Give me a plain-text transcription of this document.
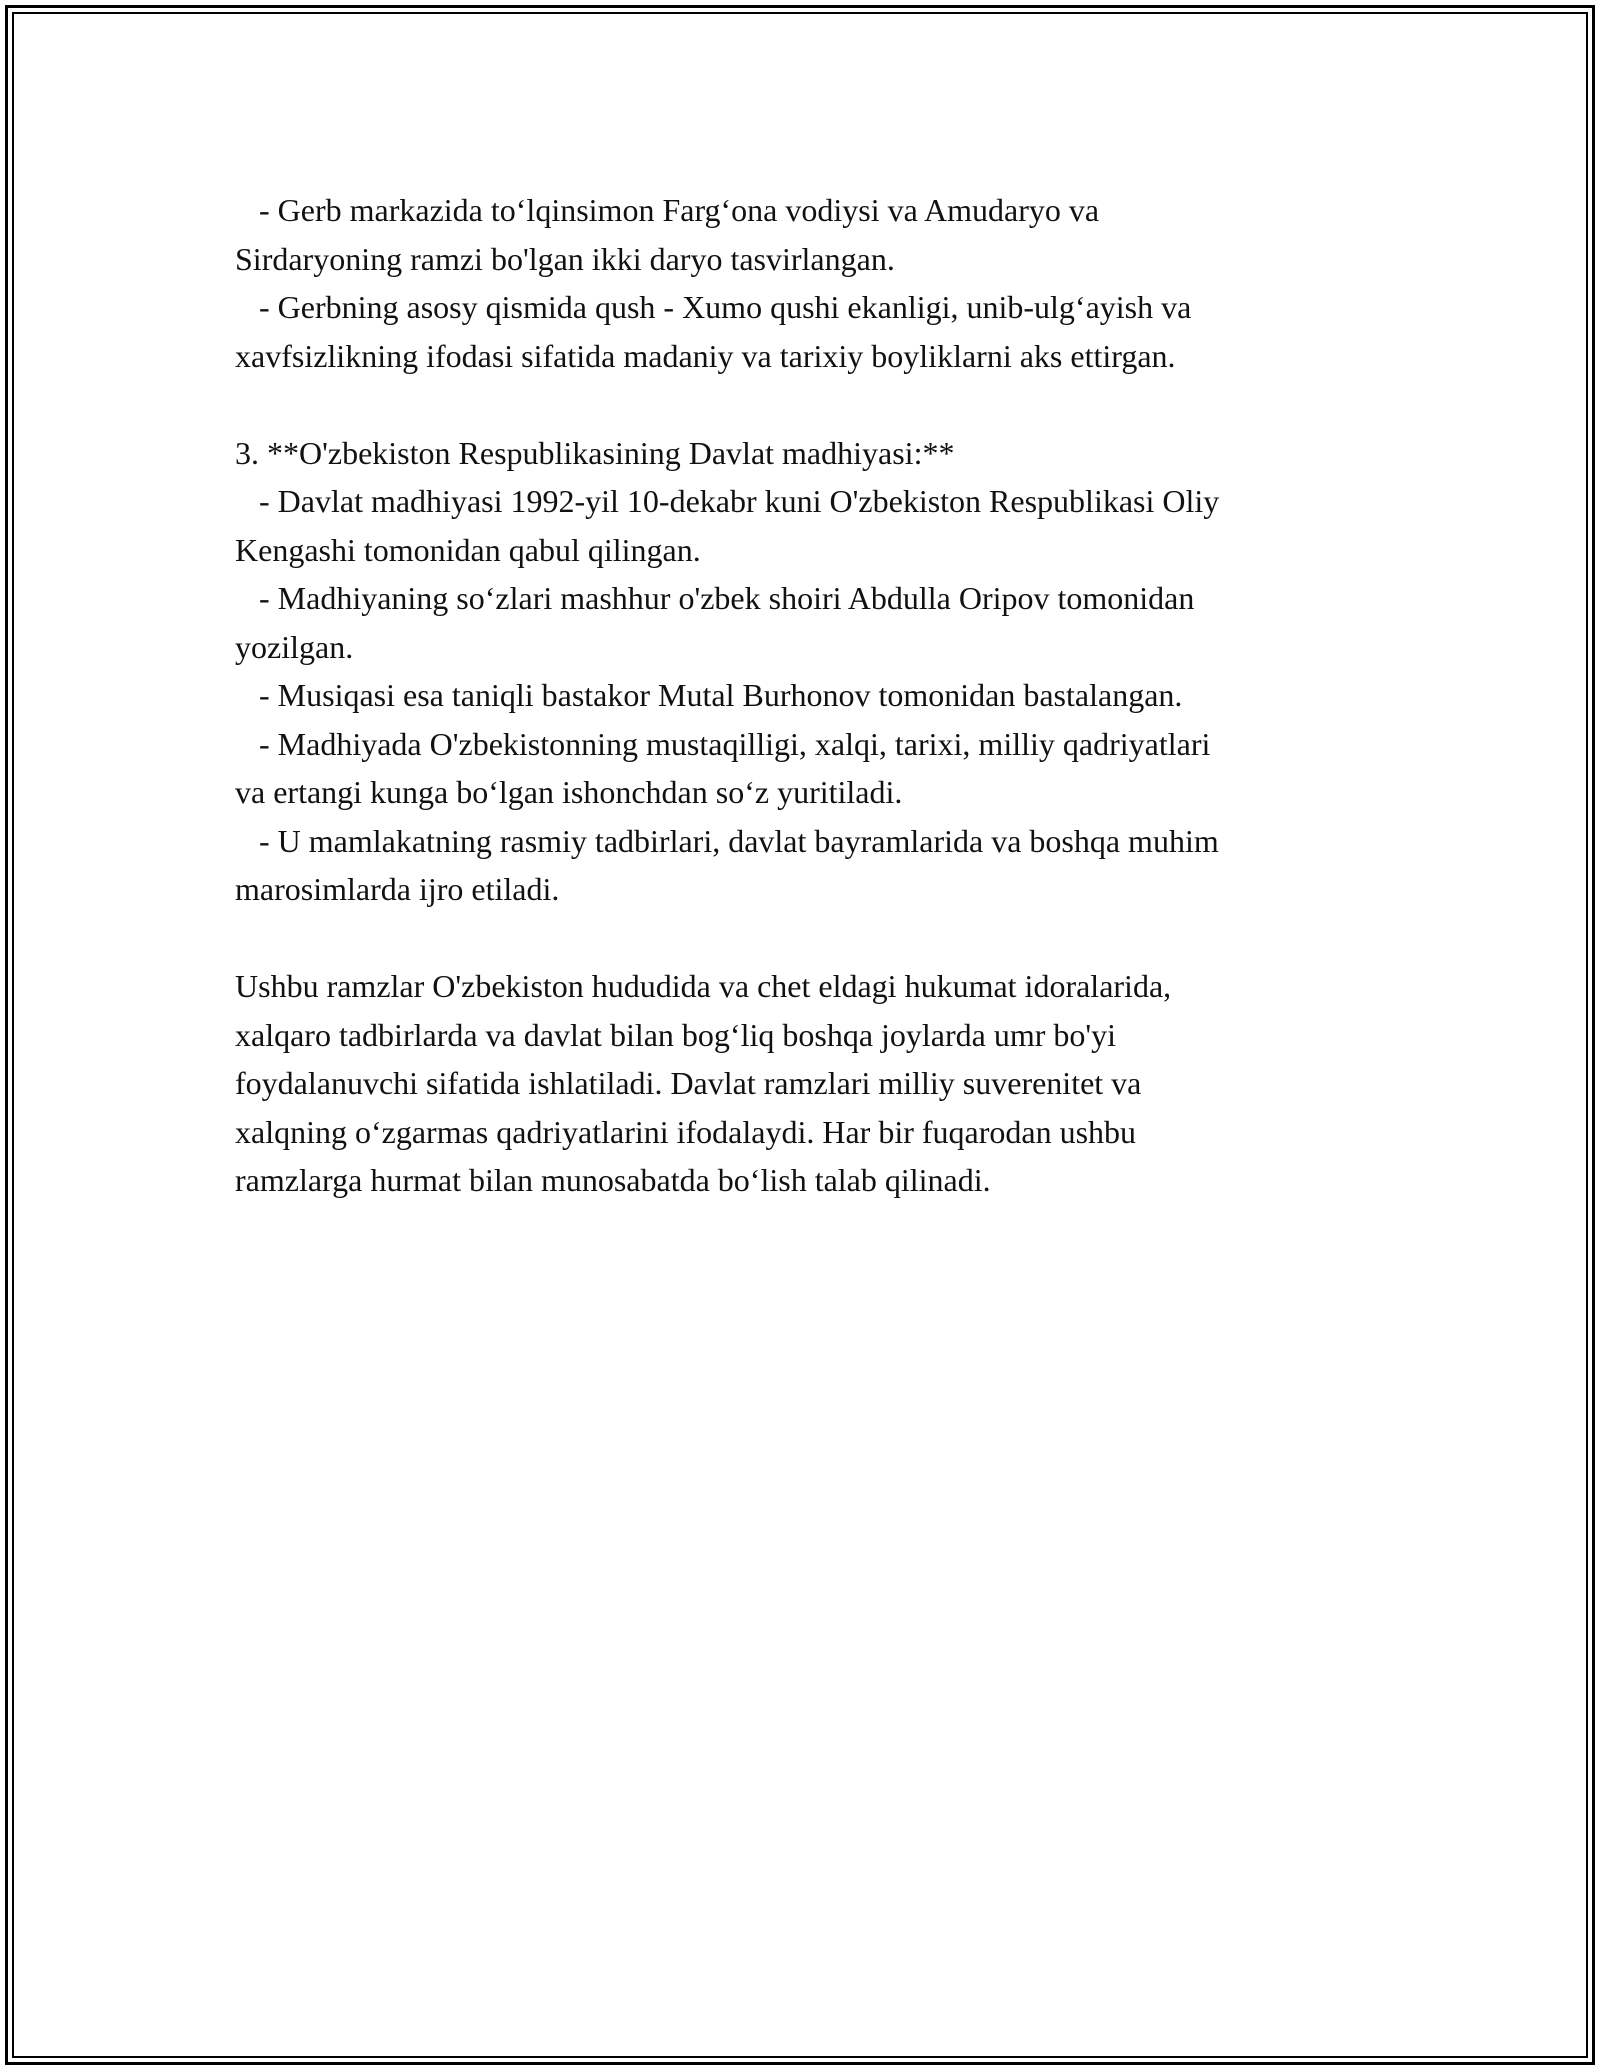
- Gerb markazida to‘lqinsimon Farg‘ona vodiysi va Amudaryo va
Sirdaryoning ramzi bo'lgan ikki daryo tasvirlangan.
- Gerbning asosy qismida qush - Xumo qushi ekanligi, unib-ulg‘ayish va
xavfsizlikning ifodasi sifatida madaniy va tarixiy boyliklarni aks ettirgan.
3. **O'zbekiston Respublikasining Davlat madhiyasi:**
- Davlat madhiyasi 1992-yil 10-dekabr kuni O'zbekiston Respublikasi Oliy
Kengashi tomonidan qabul qilingan.
- Madhiyaning so‘zlari mashhur o'zbek shoiri Abdulla Oripov tomonidan
yozilgan.
- Musiqasi esa taniqli bastakor Mutal Burhonov tomonidan bastalangan.
- Madhiyada O'zbekistonning mustaqilligi, xalqi, tarixi, milliy qadriyatlari
va ertangi kunga bo‘lgan ishonchdan so‘z yuritiladi.
- U mamlakatning rasmiy tadbirlari, davlat bayramlarida va boshqa muhim
marosimlarda ijro etiladi.
Ushbu ramzlar O'zbekiston hududida va chet eldagi hukumat idoralarida,
xalqaro tadbirlarda va davlat bilan bog‘liq boshqa joylarda umr bo'yi
foydalanuvchi sifatida ishlatiladi. Davlat ramzlari milliy suverenitet va
xalqning o‘zgarmas qadriyatlarini ifodalaydi. Har bir fuqarodan ushbu
ramzlarga hurmat bilan munosabatda bo‘lish talab qilinadi.
